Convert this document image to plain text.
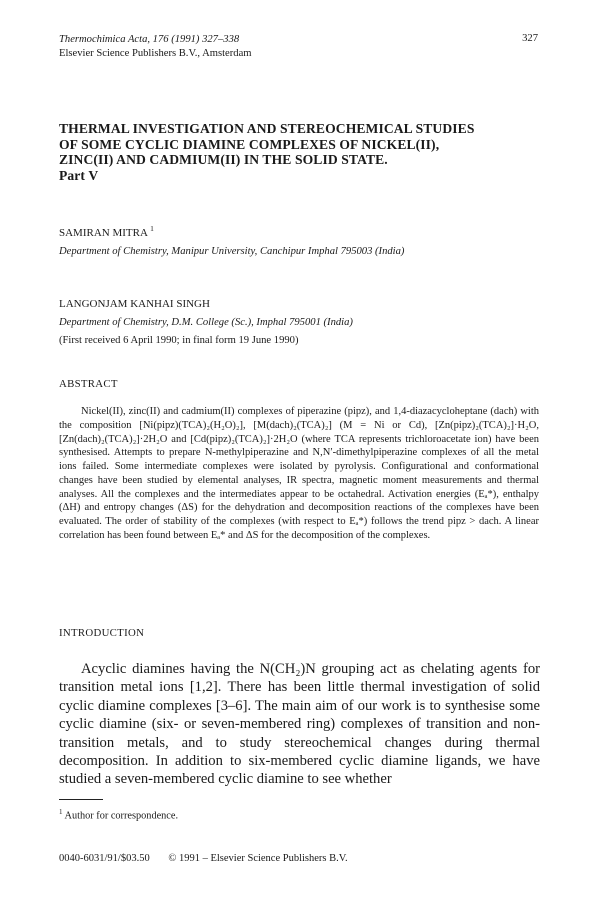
Thermochimica Acta, 176 (1991) 327–338
Elsevier Science Publishers B.V., Amsterdam
327
THERMAL INVESTIGATION AND STEREOCHEMICAL STUDIES
OF SOME CYCLIC DIAMINE COMPLEXES OF NICKEL(II),
ZINC(II) AND CADMIUM(II) IN THE SOLID STATE.
Part V
SAMIRAN MITRA $^1$
Department of Chemistry, Manipur University, Canchipur Imphal 795003 (India)
LANGONJAM KANHAI SINGH
Department of Chemistry, D.M. College (Sc.), Imphal 795001 (India)
(First received 6 April 1990; in final form 19 June 1990)
ABSTRACT

Nickel(II), zinc(II) and cadmium(II) complexes of piperazine (pipz), and 1,4-diazacycloheptane (dach) with the composition [Ni(pipz)(TCA)₂(H₂O)₂], [M(dach)₂(TCA)₂] (M = Ni or Cd), [Zn(pipz)₂(TCA)₂]·H₂O, [Zn(dach)₂(TCA)₂]·2H₂O and [Cd(pipz)₂(TCA)₂]·2H₂O (where TCA represents trichloroacetate ion) have been synthesised. Attempts to prepare N-methylpiperazine and N,N′-dimethylpiperazine complexes of all the metal ions failed. Some intermediate complexes were isolated by pyrolysis. Configurational and conformational changes have been studied by elemental analyses, IR spectra, magnetic moment measurements and thermal analyses. All the complexes and the intermediates appear to be octahedral. Activation energies (Eₐ*), enthalpy (ΔH) and entropy changes (ΔS) for the dehydration and decomposition reactions of the complexes have been evaluated. The order of stability of the complexes (with respect to Eₐ*) follows the trend pipz > dach. A linear correlation has been found between Eₐ* and ΔS for the decomposition of the complexes.

INTRODUCTION

Acyclic diamines having the N(CH₂)N grouping act as chelating agents for transition metal ions [1,2]. There has been little thermal investigation of solid cyclic diamine complexes [3–6]. The main aim of our work is to synthesise some cyclic diamine (six- or seven-membered ring) complexes of transition and non-transition metals, and to study stereochemical changes during thermal decomposition. In addition to six-membered cyclic diamine ligands, we have studied a seven-membered cyclic diamine to see whether

$^1$ Author for correspondence.
0040-6031/91/$03.50 © 1991 – Elsevier Science Publishers B.V.
